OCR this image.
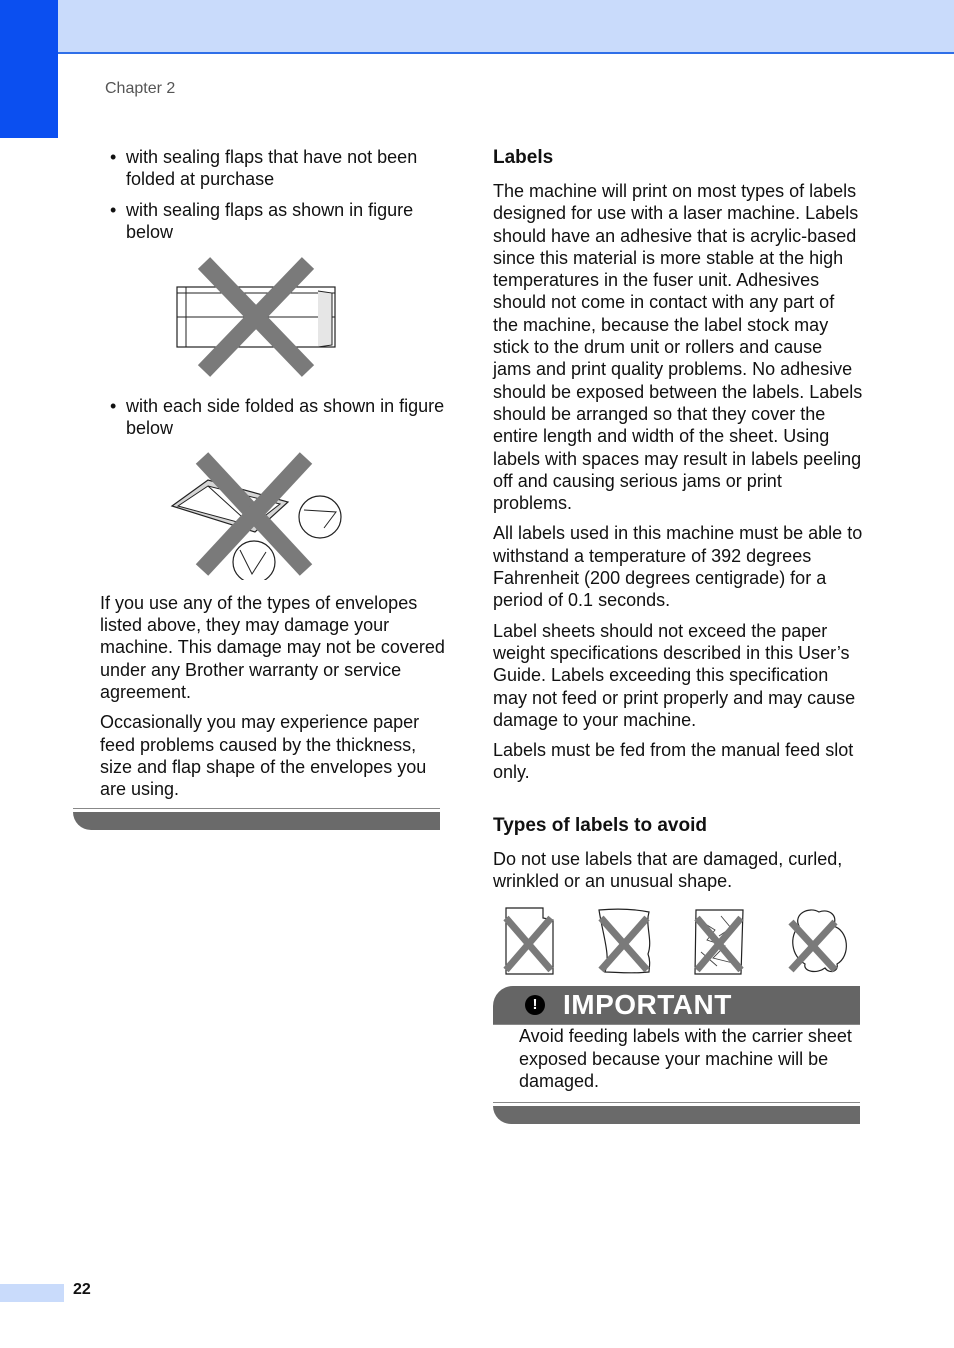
Chapter 2
• with sealing flaps that have not been folded at purchase
• with sealing flaps as shown in figure below
• with each side folded as shown in figure below

If you use any of the types of envelopes listed above, they may damage your machine. This damage may not be covered under any Brother warranty or service agreement.

Occasionally you may experience paper feed problems caused by the thickness, size and flap shape of the envelopes you are using.

Labels

The machine will print on most types of labels designed for use with a laser machine. Labels should have an adhesive that is acrylic-based since this material is more stable at the high temperatures in the fuser unit. Adhesives should not come in contact with any part of the machine, because the label stock may stick to the drum unit or rollers and cause jams and print quality problems. No adhesive should be exposed between the labels. Labels should be arranged so that they cover the entire length and width of the sheet. Using labels with spaces may result in labels peeling off and causing serious jams or print problems.

All labels used in this machine must be able to withstand a temperature of 392 degrees Fahrenheit (200 degrees centigrade) for a period of 0.1 seconds.

Label sheets should not exceed the paper weight specifications described in this User’s Guide. Labels exceeding this specification may not feed or print properly and may cause damage to your machine.

Labels must be fed from the manual feed slot only.

Types of labels to avoid

Do not use labels that are damaged, curled, wrinkled or an unusual shape.

! IMPORTANT

Avoid feeding labels with the carrier sheet exposed because your machine will be damaged.

22
